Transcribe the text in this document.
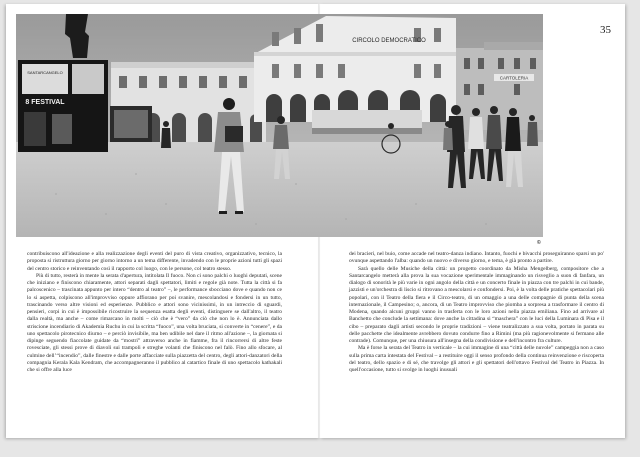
CIRCOLO DEMOCRATICO
CARTOLERIA
SANTARCANGELO
8 FESTIVAL
35
©

contribuiscono all'ideazione e alla realizzazione degli eventi del puro di vista creativo, organizzativo, tecnico, la proposta si ristruttura giorno per giorno intorno a un tema differente, invadendo con le proprie azioni tutti gli spazi del centro storico e reinventando così il rapporto col luogo, con le persone, col teatro stesso.

Più di tutto, resterà in mente la serata d'apertura, intitolata Il fuoco. Non ci sono palchi o luoghi deputati, scene che iniziano e finiscono chiaramente, attori separati dagli spettatori, limiti e regole già note. Tutta la città si fa palcoscenico – trascinata appunto per intero “dentro al teatro” –, le performance sbocciano dove e quando non ce lo si aspetta, colpiscono all'improvviso oppure affiorano per poi svanire, mescolandosi e fondersi in un tutto, trascinando verso altre visioni ed esperienze. Pubblico e attori sono vicinissimi, in un intreccio di sguardi, pensieri, corpi in cui è impossibile ricostruire la sequenza esatta degli eventi, distinguere se dall'altro, il teatro dalla realtà, ma anche – come rimarcano in molti – ciò che è “vero” da ciò che non lo è. Annunciata dallo striscione incendiario di Akademia Ruchu in cui la scritta “fuoco”, una volta bruciata, si converte in “cenere”, e da uno spettacolo pirotecnico diurno – e perciò invisibile, ma ben udibile nel dare il ritmo all'azione –, la giornata si dipinge seguendo fiaccolate guidate da “mostri” attraverso anche in fiamme, fra il rincorrersi di altre feste rovesciate, gli stessi prove di diavoli sui trampoli e streghe volanti che finiscono nel falò. Fino allo sfocare, al culmine dell’“incendio”, dalle finestre e dalle porte affacciate sulla piazzetta del centro, degli attori-danzatori della compagnia Kerala Kala Kendram, che accompagneranno il pubblico al catartico finale di uno spettacolo kathakali che si offre alla luce

dei bracieri, nel buio, come accade nel teatro-danza indiano. Intanto, fuochi e bivacchi proseguiranno sparsi un po' ovunque aspettando l'alba: quando un nuovo e diverso giorno, e tema, è già pronto a partire.

Sarà quello delle Musiche della città: un progetto coordinato da Misha Mengelberg, compositore che a Santarcangelo metterà alla prova la sua vocazione sperimentale immaginando un risveglio a suon di fanfara, un dialogo di sonorità le più varie in ogni angolo della città e un concerto finale in piazza con tre palchi in cui bande, jazzisti e un'orchestra di liscio si ritrovano a mescolarsi e confondersi. Poi, è la volta delle pratiche spettacolari più popolari, con il Teatro della fiera e il Circo-teatro, di un omaggio a una delle compagnie di punta della scena internazionale, il Campesino; o, ancora, di un Teatro improvviso che piomba a sorpresa a trasformare il centro di Modena, quando alcuni gruppi vanno in trasferta con le loro azioni nella piazza emiliana. Fino ad arrivare al Banchetto che conclude la settimana: dove anche la cittadina si “maschera” con le luci della Luminara di Pisa e il cibo – preparato dagli artisti secondo le proprie tradizioni – viene teatralizzato a sua volta, portato in parata su delle pacchette che idealmente avrebbero dovuto condurre fino a Rimini (ma più ragionevolmente si fermano alle contrade). Comunque, per una chiusura all'insegna della condivisione e dell'incontro fra culture.

Ma è forse la serata del Teatro in verticale – la cui immagine di una “città delle nuvole” campeggia non a caso sulla prima carta intestata del Festival – a restituire oggi il senso profondo della continua reinvenzione e riscoperta del teatro, dello spazio e di sé, che travolge gli attori e gli spettatori dell'ottavo Festival del Teatro in Piazza. In quell'occasione, tutto si svolge in luoghi inusuali
